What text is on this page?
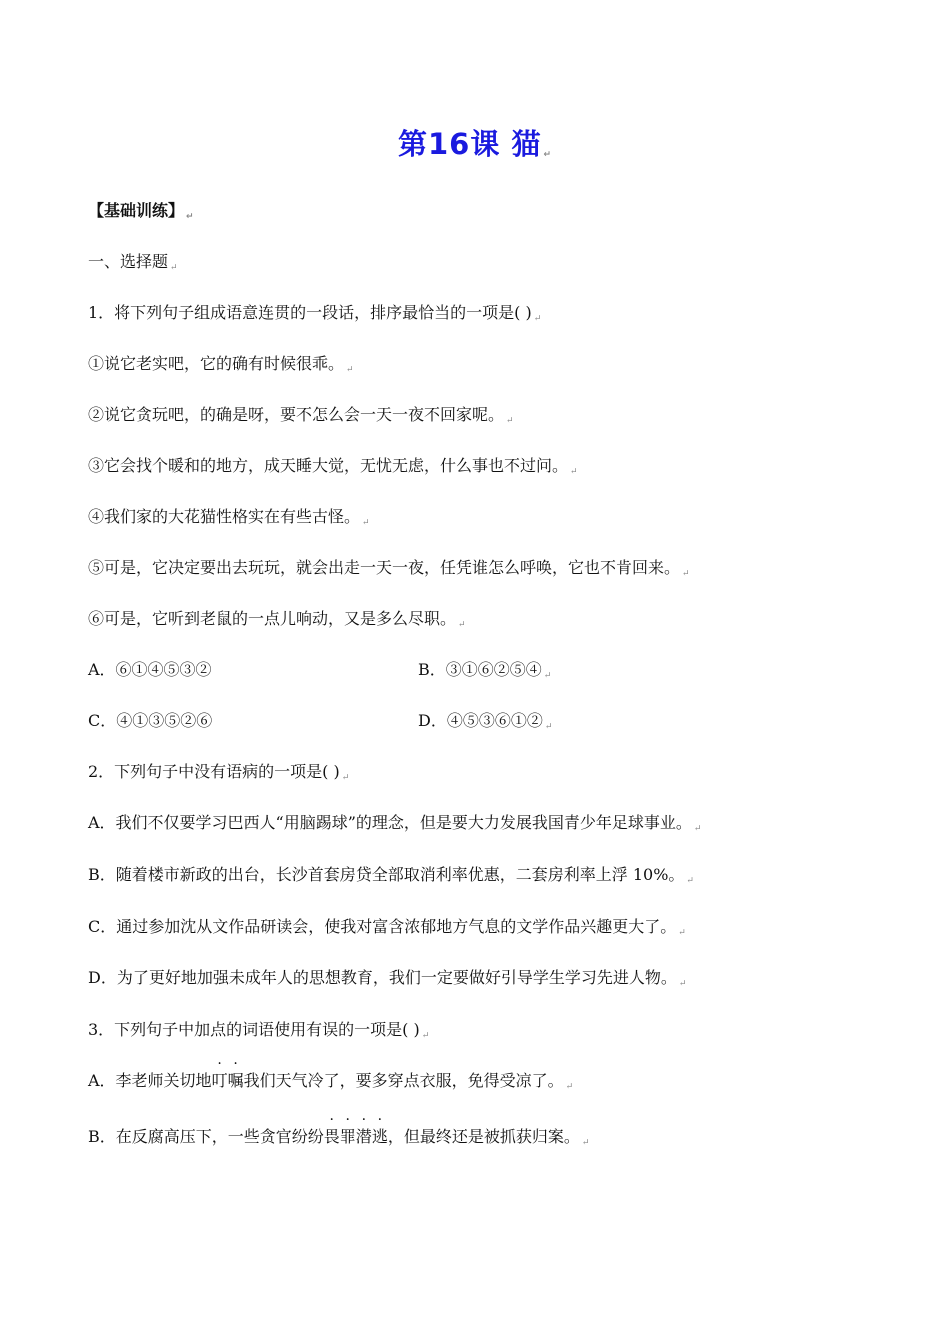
第16课 猫 ↵
【基础训练】 ↵
一、选择题 ↵
1．将下列句子组成语意连贯的一段话，排序最恰当的一项是( ) ↵
①说它老实吧，它的确有时候很乖。 ↵
②说它贪玩吧，的确是呀，要不怎么会一天一夜不回家呢。 ↵
③它会找个暖和的地方，成天睡大觉，无忧无虑，什么事也不过问。 ↵
④我们家的大花猫性格实在有些古怪。 ↵
⑤可是，它决定要出去玩玩，就会出走一天一夜，任凭谁怎么呼唤，它也不肯回来。 ↵
⑥可是，它听到老鼠的一点儿响动，又是多么尽职。 ↵
A．⑥①④⑤③②	B．③①⑥②⑤④ ↵
C．④①③⑤②⑥	D．④⑤③⑥①② ↵
2．下列句子中没有语病的一项是( ) ↵
A．我们不仅要学习巴西人“用脑踢球”的理念，但是要大力发展我国青少年足球事业。 ↵
B．随着楼市新政的出台，长沙首套房贷全部取消利率优惠，二套房利率上浮 10%。 ↵
C．通过参加沈从文作品研读会，使我对富含浓郁地方气息的文学作品兴趣更大了。 ↵
D．为了更好地加强未成年人的思想教育，我们一定要做好引导学生学习先进人物。 ↵
3．下列句子中加点的词语使用有误的一项是( ) ↵
A．李老师关切地叮嘱我们天气冷了，要多穿点衣服，免得受凉了。 ↵
B．在反腐高压下，一些贪官纷纷畏罪潜逃，但最终还是被抓获归案。 ↵
